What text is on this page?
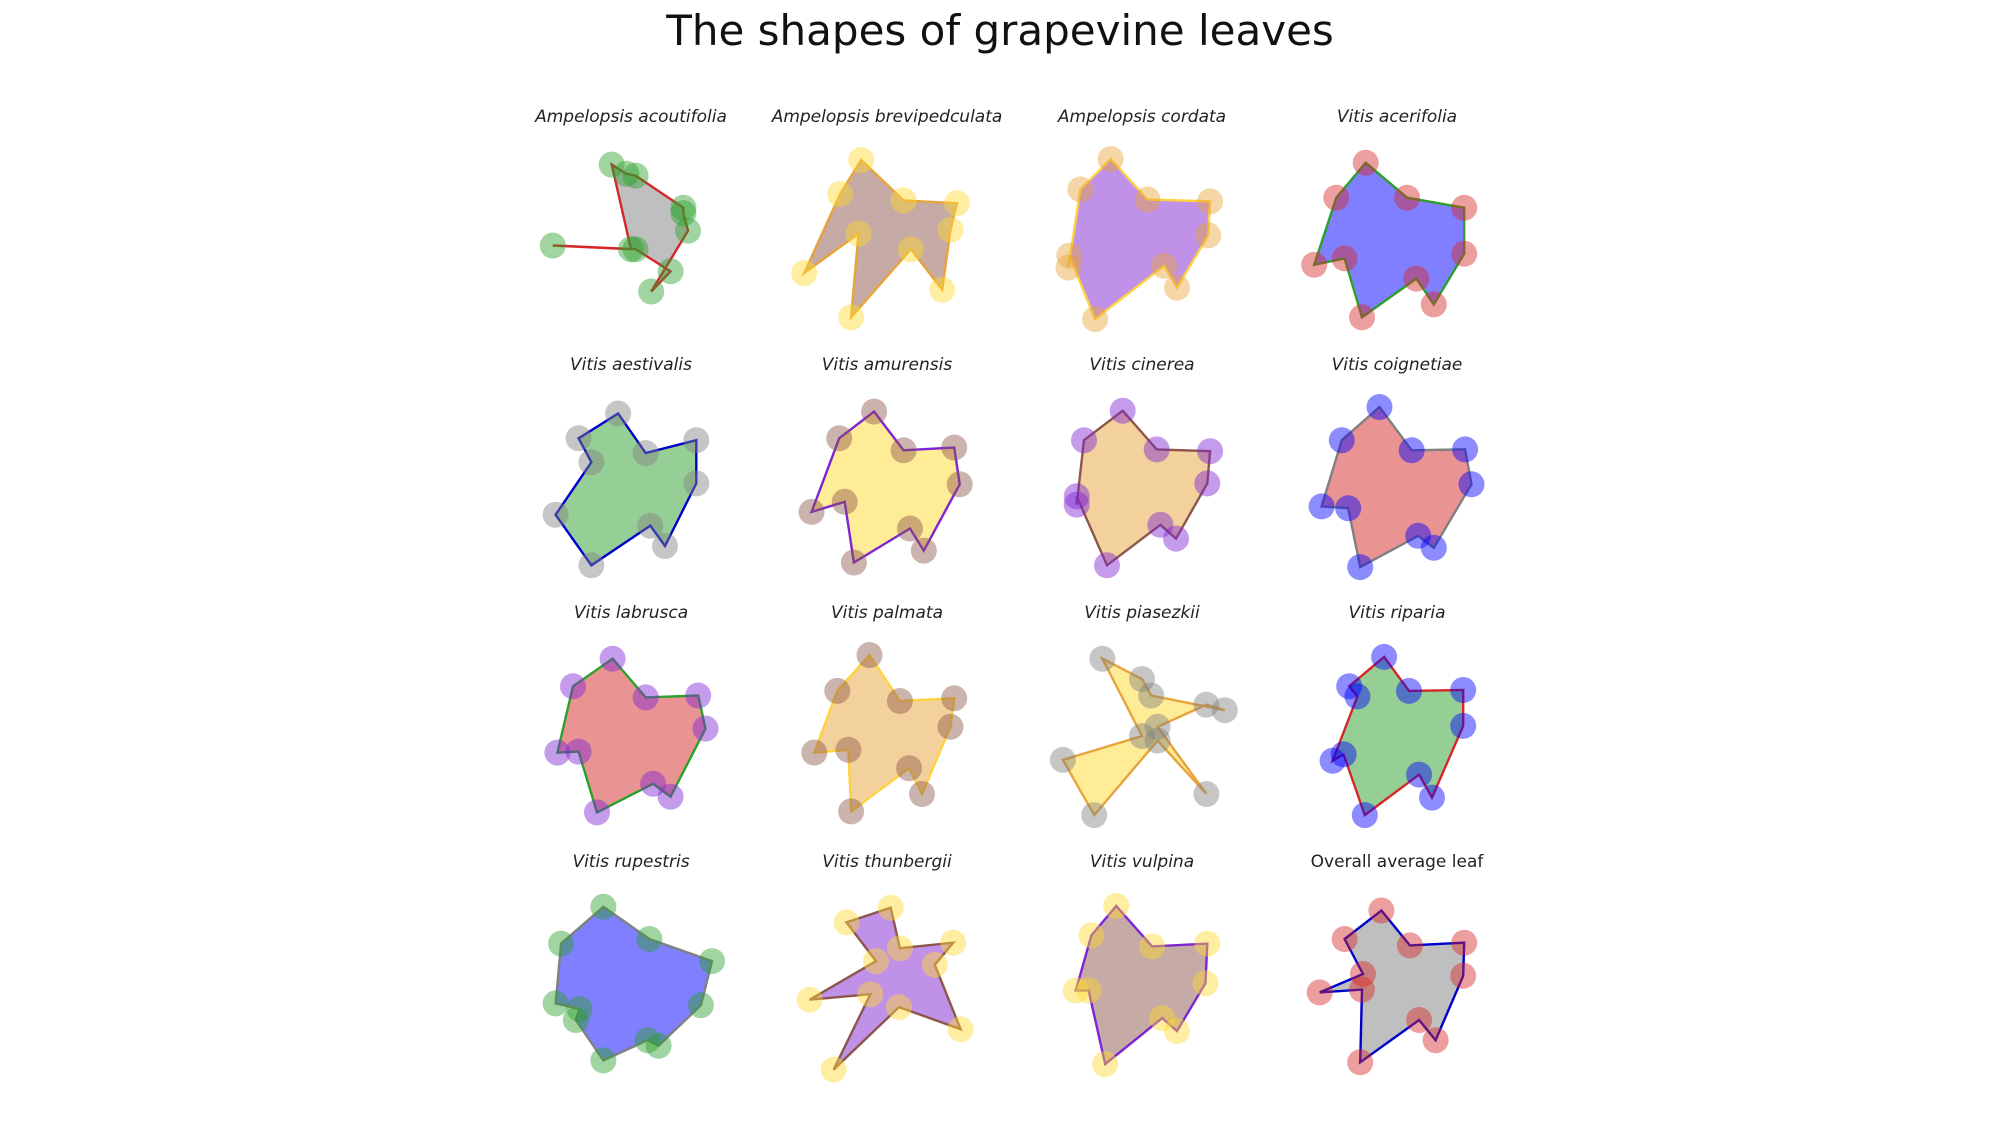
The shapes of grapevine leaves
Ampelopsis acoutifolia	Ampelopsis brevipedculata	Ampelopsis cordata	Vitis acerifolia
Vitis aestivalis	Vitis amurensis	Vitis cinerea	Vitis coignetiae
Vitis labrusca	Vitis palmata	Vitis piasezkii	Vitis riparia
Vitis rupestris	Vitis thunbergii	Vitis vulpina	Overall average leaf
